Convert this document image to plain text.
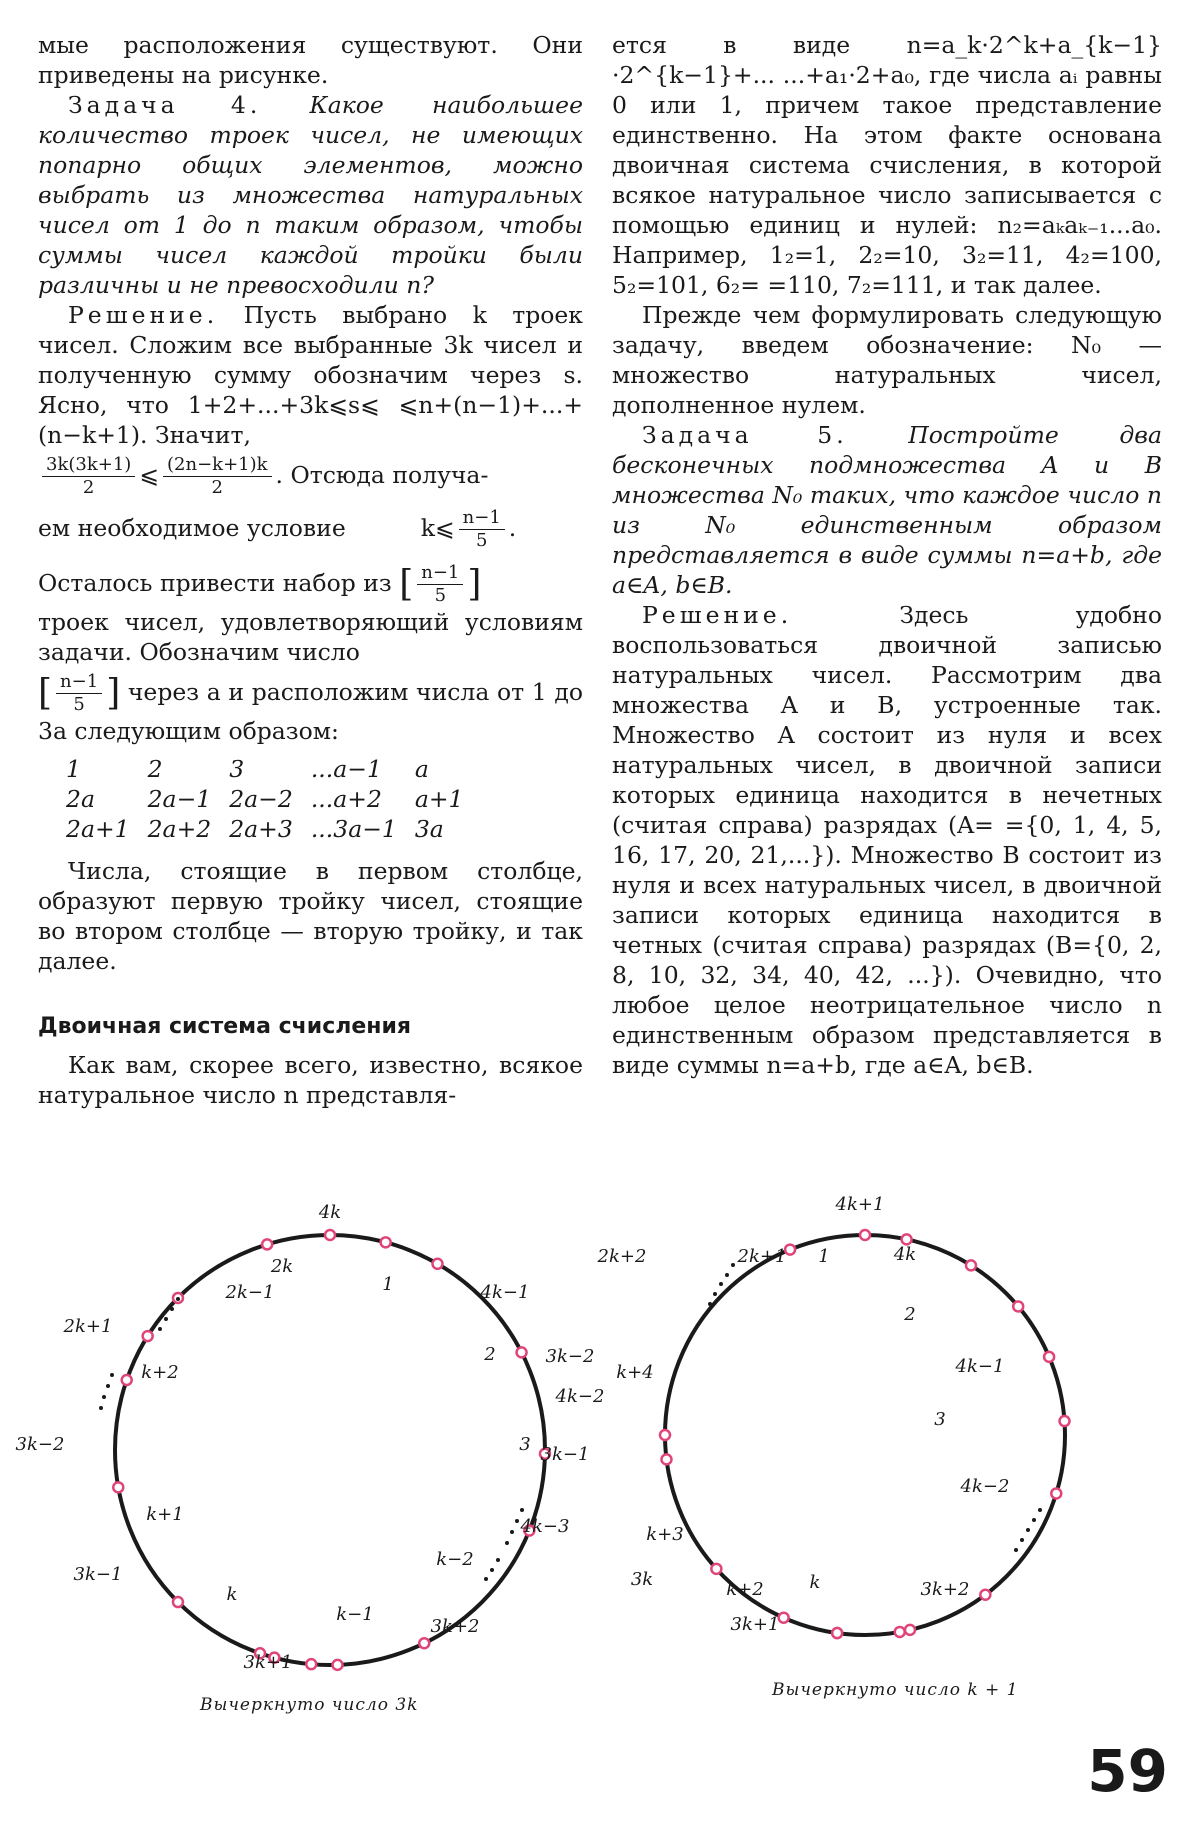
мые расположения существуют. Они приведены на рисунке.

Задача 4. Какое наибольшее количество троек чисел, не имеющих попарно общих элементов, можно выбрать из множества натуральных чисел от 1 до n таким образом, чтобы суммы чисел каждой тройки были различны и не превосходили n?

Решение. Пусть выбрано k троек чисел. Сложим все выбранные 3k чисел и полученную сумму обозначим через s. Ясно, что 1+2+...+3k⩽s⩽ ⩽n+(n−1)+...+(n−k+1). Значит,

$\frac{3k(3k+1)}{2}$ ⩽ $\frac{(2n-k+1)k}{2}$ . Отсюда получа-

ем необходимое условие	k⩽ $\frac{n-1}{5}$ .

Осталось привести набор из [ $\frac{n-1}{5}$ ]

троек чисел, удовлетворяющий условиям задачи. Обозначим число

[ $\frac{n-1}{5}$ ] через a и расположим числа от 1 до 3a следующим образом:

1	2	3	...a−1	a
2a	2a−1	2a−2	...a+2	a+1
2a+1	2a+2	2a+3	...3a−1	3a

Числа, стоящие в первом столбце, образуют первую тройку чисел, стоящие во втором столбце — вторую тройку, и так далее.

Двоичная система счисления

Как вам, скорее всего, известно, всякое натуральное число n представля-

ется в виде n=a_k·2^k+a_{k−1}·2^{k−1}+... ...+a₁·2+a₀, где числа aᵢ равны 0 или 1, причем такое представление единственно. На этом факте основана двоичная система счисления, в которой всякое натуральное число записывается с помощью единиц и нулей: n₂=aₖaₖ₋₁...a₀. Например, 1₂=1, 2₂=10, 3₂=11, 4₂=100, 5₂=101, 6₂= =110, 7₂=111, и так далее.

Прежде чем формулировать следующую задачу, введем обозначение: N₀ — множество натуральных чисел, дополненное нулем.

Задача 5.	Постройте два бесконечных подмножества A и B множества N₀ таких, что каждое число n из N₀ единственным образом представляется в виде суммы n=a+b, где a∈A, b∈B.

Решение.	Здесь удобно воспользоваться двоичной записью натуральных чисел. Рассмотрим два множества A и B, устроенные так. Множество A состоит из нуля и всех натуральных чисел, в двоичной записи которых единица находится в нечетных (считая справа) разрядах (A= ={0, 1, 4, 5, 16, 17, 20, 21,...}). Множество B состоит из нуля и всех натуральных чисел, в двоичной записи которых единица находится в четных (считая справа) разрядах (B={0, 2, 8, 10, 32, 34, 40, 42, ...}). Очевидно, что любое целое неотрицательное число n единственным образом представляется в виде суммы n=a+b, где a∈A, b∈B.

4k
2k
1
2k−1	4k−1
2k+1
2
k+2
4k−2
3k−2	3
k+1
4k−3
3k−1
k−2
k
k−1
3k+2
3k+1
Вычеркнуто число 3k
4k+1
2k+2	2k+1 1	4k
2
3k−2	4k−1
k+4
3
3k−1
4k−2
k+3
3k	3k+2
k+2	k
3k+1
Вычеркнуто число k + 1
59
